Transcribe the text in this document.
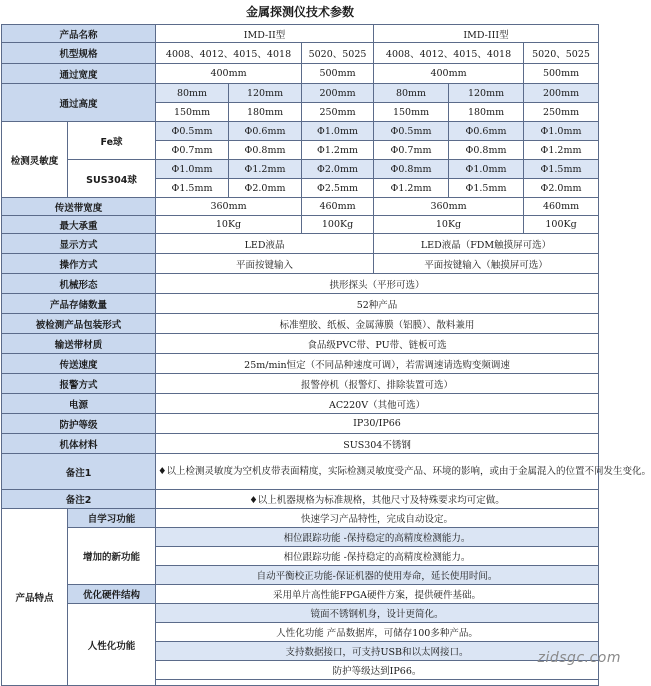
金属探测仪技术参数
产品名称		IMD-II型			IMD-III型		
机型规格		4008、4012、4015、4018		5020、5025	4008、4012、4015、4018		5020、5025
通过宽度		400mm		500mm	400mm		500mm
通过高度		80mm	120mm	200mm	80mm	120mm	200mm
		150mm	180mm	250mm	150mm	180mm	250mm
检测灵敏度	Fe球	Φ0.5mm	Φ0.6mm	Φ1.0mm	Φ0.5mm	Φ0.6mm	Φ1.0mm
		Φ0.7mm	Φ0.8mm	Φ1.2mm	Φ0.7mm	Φ0.8mm	Φ1.2mm
	SUS304球	Φ1.0mm	Φ1.2mm	Φ2.0mm	Φ0.8mm	Φ1.0mm	Φ1.5mm
		Φ1.5mm	Φ2.0mm	Φ2.5mm	Φ1.2mm	Φ1.5mm	Φ2.0mm
传送带宽度		360mm		460mm	360mm		460mm
最大承重		10Kg		100Kg	10Kg		100Kg
显示方式		LED液晶			LED液晶（FDM触摸屏可选）		
操作方式		平面按键输入			平面按键输入（触摸屏可选）		
机械形态		拱形探头（平形可选）					
产品存储数量		52种产品					
被检测产品包装形式		标准塑胶、纸板、金属薄膜（铝膜）、散料兼用					
输送带材质		食品级PVC带、PU带、链板可选					
传送速度		25m/min恒定（不同品种速度可调），若需调速请选购变频调速					
报警方式		报警停机（报警灯、排除装置可选）					
电源		AC220V（其他可选）					
防护等级		IP30/IP66					
机体材料		SUS304不锈钢					
备注1		♦以上检测灵敏度为空机皮带表面精度，实际检测灵敏度受产品、环境的影响，或由于金属混入的位置不同发生变化。					
备注2		♦以上机器规格为标准规格，其他尺寸及特殊要求均可定做。					
产品特点	自学习功能	快速学习产品特性，完成自动设定。					
	增加的新功能	相位跟踪功能 -保持稳定的高精度检测能力。					
		相位跟踪功能 -保持稳定的高精度检测能力。					
		自动平衡校正功能-保证机器的使用寿命，延长使用时间。					
	优化硬件结构	采用单片高性能FPGA硬件方案，提供硬件基础。					
	人性化功能	镜面不锈钢机身，设计更简化。					
		人性化功能 产品数据库，可储存100多种产品。					
		支持数据接口，可支持USB和以太网接口。					
		防护等级达到IP66。					

zidsgc.com
